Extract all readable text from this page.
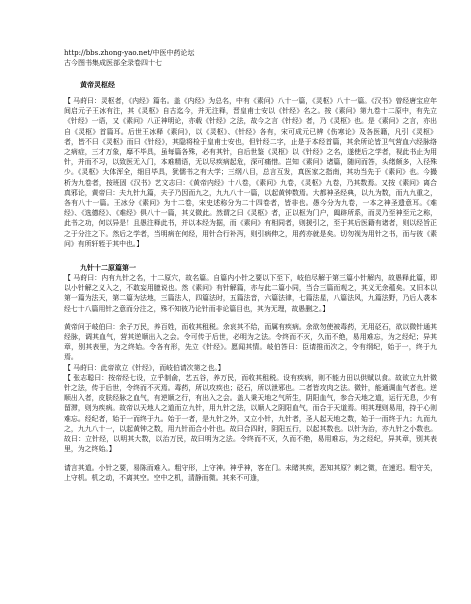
http://bbs.zhong-yao.net/中医中药论坛
古今图书集成医部全录卷四十七
黄帝灵枢经

【 马莳曰：灵枢者，《内经》篇名。盖《内经》为总名，中有《素问》八十一篇，《灵枢》八十一篇。《汉书》曾经唐宝应年间启元子王冰有注，其《灵枢》自古迄今，并无注释，晋皇甫士安以《针经》名之。按《素问》第九卷十二原中，有先立《针经》一语，又《素问》八正神明论，亦载《针经》之法，故今之言《针经》者，乃《灵枢》也。是《素问》之言，亦出自《灵枢》首篇耳。后世王冰释《素问》，以《灵枢》、《针经》各有，宋可成元已辨《伤寒论》及各医籍，凡引《灵枢》者，皆不曰《灵枢》而曰《针经》，其隐将检于皇甫士安也，但针经二字，止是于本经首篇，其余所论皆卫气营血六经脉络之病症，三才万象，靡不毕具，虽每篇各殊，必有其针，自后世鉴《灵枢》以《针经》之名，遂使后之学者，视此书止为用针，并而不习，以致医无入门，本难精语，无以尽疾病起危，深可痛惜。岂知《素问》诸篇，随问而答，头绪颇多，入径殊少。《灵枢》大体浑全，细目毕具，犹儒书之有大学；三纲八目，总言互发，真医家之指南，其功当先于《素问》也。今撮析为九卷者，按班固《汉书》艺文志曰：《黄帝内经》十八卷，《素问》九卷，《灵枢》九卷，乃其数焉。又按《素问》离合真邪论，黄帝曰：夫九针九篇，夫子乃因而九之，九九八十一篇，以起黄钟数焉。大都神圣经典，以九为数，而九九重之，各有八十一篇。王冰分《素问》为十二卷，宋史述称分为二十四卷者，皆非也。愚今分为九卷，一本之神圣遗意耳。《难经》、《选德经》、《难经》俱八十一篇，其义微此。然谓之曰《灵枢》者，正以枢为门户，阖辟所系，而灵乃至神至元之称，此书之功，何以异是！且愚注释此书，并以本经为据，而《素问》有相同者，则援引之，至于其后医籍有诸者，则以经旨正之于分注之下。然后之学者，当明病在何经，用针合行补泻，则引病伸之，用药亦就是矣。切勿视为用针之书，而与彼《素问》有所轩轾于其中也。】

九针十二原篇第一

【 马莳曰：内有九针之名，十二原穴，故名篇。自篇内小针之要以下至下，岐伯尽解于第三篇小针解内，故愚释此篇，即以小针解之义入之，不敢妄用臆说也。然《素问》有针解篇，亦与此二篇小同，当合三篇而观之，其义无余蕴矣。又旧本以第一篇为法天，第二篇为法地，三篇法人，四篇法时，五篇法音，六篇法律，七篇法星，八篇法风，九篇法野，乃后人袭本经七十八篇用针之意而分注之，殊不知彼乃论针而非论篇目也，其为无理，故愚删之。】

黄帝问于岐伯曰：余子万民，养百姓，而收其租税。余哀其不给，而属有疾病。余欲勿使被毒药，无用砭石，欲以微针通其经脉，调其血气，营其逆顺出入之会。令可传于后世，必明为之法。令终而不灭，久而不绝，易用难忘，为之经纪；异其章，别其表里，为之终始。令各有形，先立《针经》。愿闻其情。岐伯答曰：臣请推而次之，令有纲纪，始于一，终于九焉。

【 马莳曰：此帝欲立《针经》，而岐伯请次第之也。】

【 张志聪曰：按帝经七设，立乎制俞，艺五谷，养万民，而收其租税。设有疾病，则不能力田以供赋以食。故欲立九针微针之法，传于后世，令终而不灭焉。毒药，所以攻疾也；砭石，所以泄邪也。二者皆攻肉之法。微针，能通调血气者也。逆顺出入者，皮肤经脉之血气，有逆顺之行，有出入之会。盖人秉天地之气所生，阴阳血气，参合天地之道，运行无息，少有留滞，则为疾病。故帝以天地人之道而立九针，用九针之法，以顺人之阴阳血气，而合于天道焉。明其理则易用，持于心则难忘。经纪者，始于一而终于九。始于一者，是九针之外，又立小针，九针者，圣人起天地之数，始于一而终于九；九而九之，九九八十一，以起黄钟之数，用九针而合小针也。故曰合四时，阴阳五行，以起其数也。以针为治，亦九针之小数也。故曰：立针经，以明其大数，以治万民，故曰明为之法。令终而不灭，久而不绝，易用难忘，为之经纪，异其章，别其表里，为之终始。】

请言其道。小针之要，易陈而难入。粗守形，上守神。神乎神，客在门。未睹其疾，恶知其原？刺之微，在速迟。粗守关，上守机。机之动，不离其空。空中之机，清静而微。其来不可逢，
